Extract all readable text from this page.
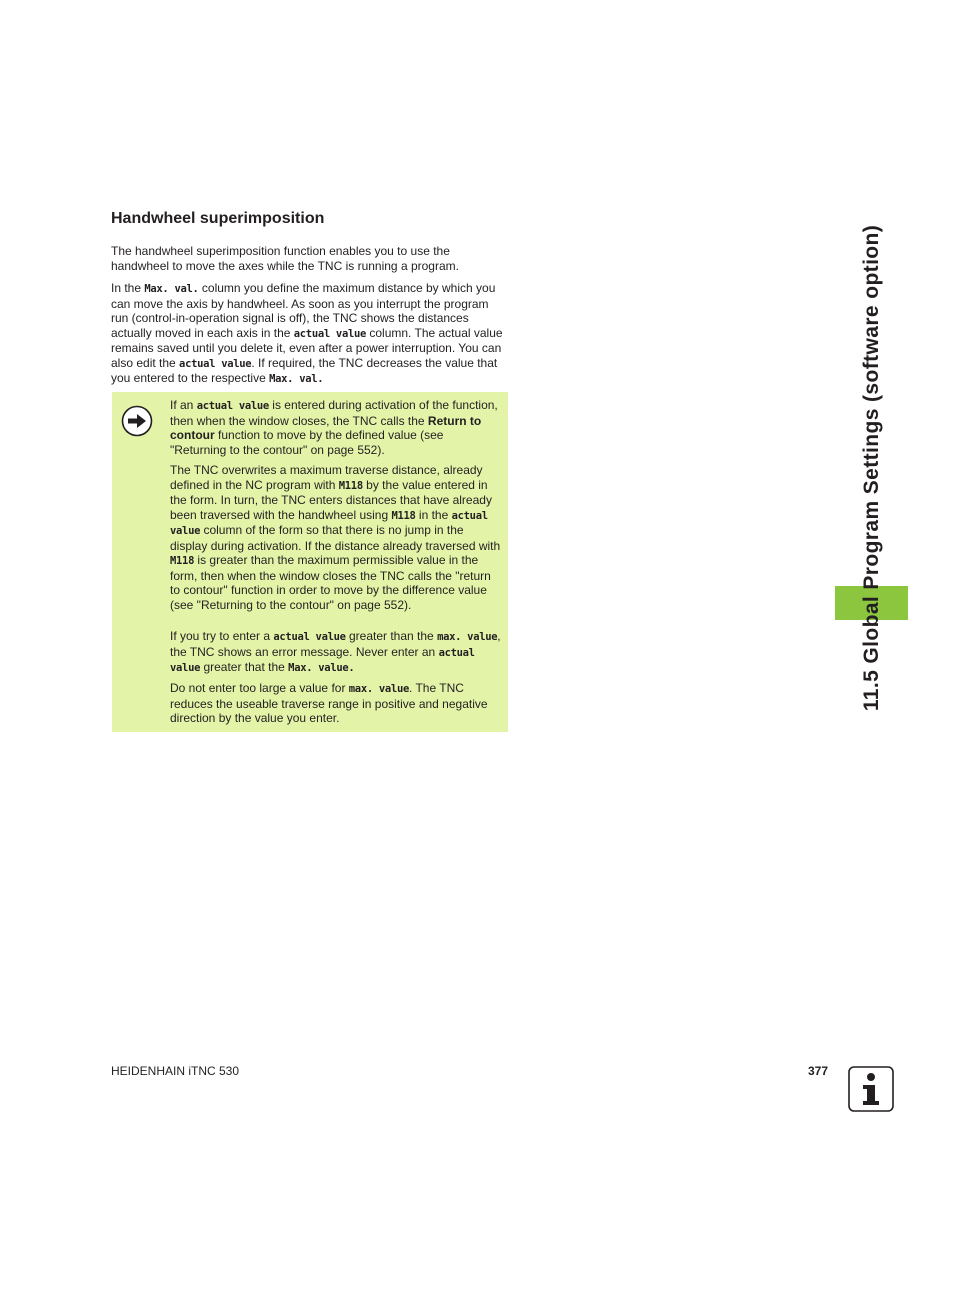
Handwheel superimposition

The handwheel superimposition function enables you to use the handwheel to move the axes while the TNC is running a program.

In the Max. val. column you define the maximum distance by which you can move the axis by handwheel. As soon as you interrupt the program run (control-in-operation signal is off), the TNC shows the distances actually moved in each axis in the actual value column. The actual value remains saved until you delete it, even after a power interruption. You can also edit the actual value. If required, the TNC decreases the value that you entered to the respective Max. val.

If an actual value is entered during activation of the function, then when the window closes, the TNC calls the Return to contour function to move by the defined value (see "Returning to the contour" on page 552).

The TNC overwrites a maximum traverse distance, already defined in the NC program with M118 by the value entered in the form. In turn, the TNC enters distances that have already been traversed with the handwheel using M118 in the actual value column of the form so that there is no jump in the display during activation. If the distance already traversed with M118 is greater than the maximum permissible value in the form, then when the window closes the TNC calls the "return to contour" function in order to move by the difference value (see "Returning to the contour" on page 552).

If you try to enter a actual value greater than the max. value, the TNC shows an error message. Never enter an actual value greater that the Max. value.

Do not enter too large a value for max. value. The TNC reduces the useable traverse range in positive and negative direction by the value you enter.

11.5 Global Program Settings (software option)

HEIDENHAIN iTNC 530	377
